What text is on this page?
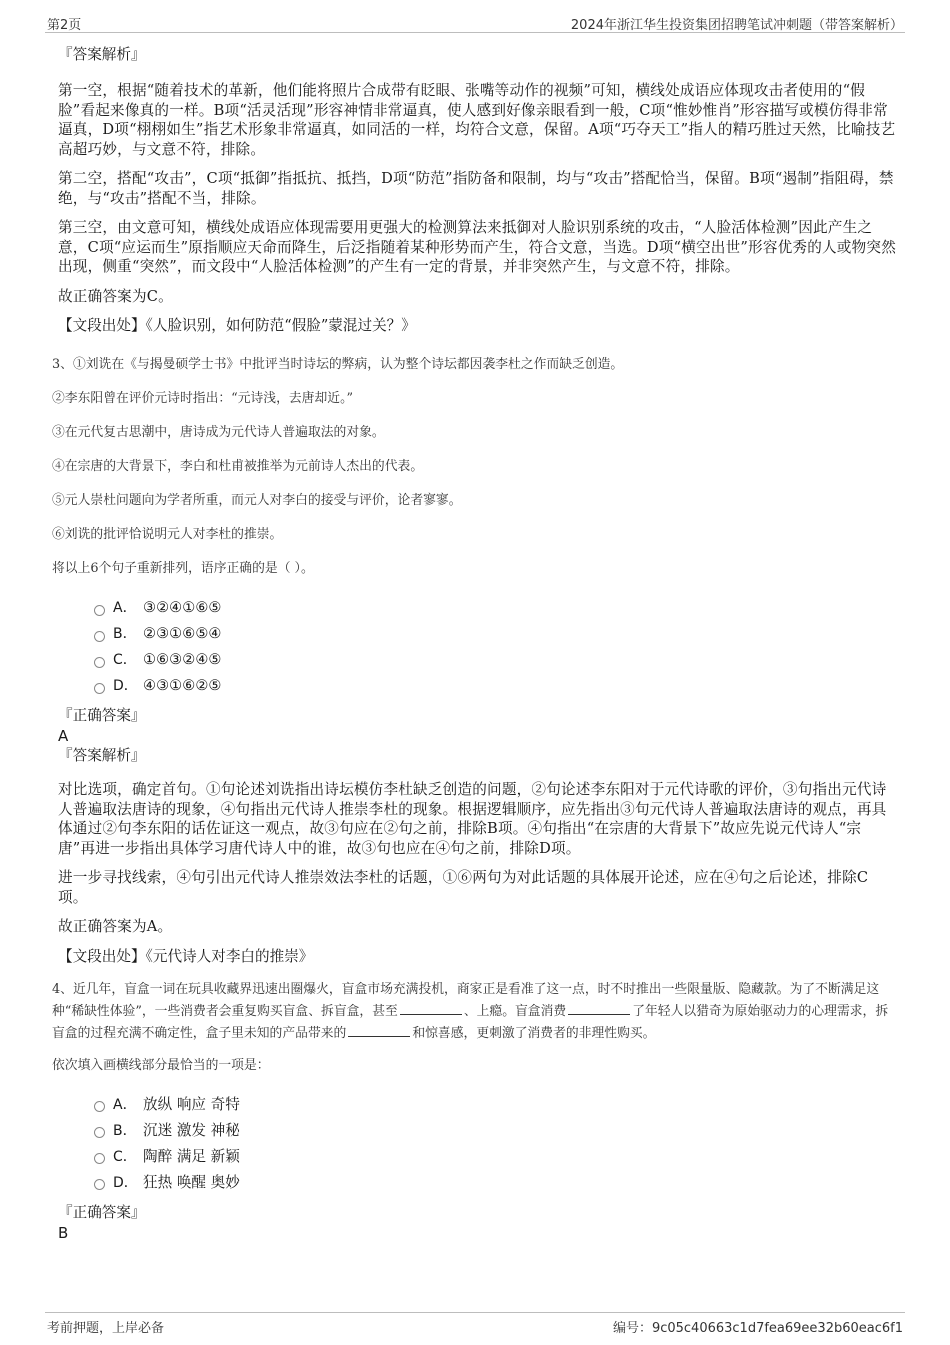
第2页	2024年浙江华生投资集团招聘笔试冲刺题（带答案解析）
『答案解析』

第一空，根据“随着技术的革新，他们能将照片合成带有眨眼、张嘴等动作的视频”可知，横线处成语应体现攻击者使用的“假脸”看起来像真的一样。B项“活灵活现”形容神情非常逼真，使人感到好像亲眼看到一般，C项“惟妙惟肖”形容描写或模仿得非常逼真，D项“栩栩如生”指艺术形象非常逼真，如同活的一样，均符合文意，保留。A项“巧夺天工”指人的精巧胜过天然，比喻技艺高超巧妙，与文意不符，排除。

第二空，搭配“攻击”，C项“抵御”指抵抗、抵挡，D项“防范”指防备和限制，均与“攻击”搭配恰当，保留。B项“遏制”指阻碍，禁绝，与“攻击”搭配不当，排除。

第三空，由文意可知，横线处成语应体现需要用更强大的检测算法来抵御对人脸识别系统的攻击，“人脸活体检测”因此产生之意，C项“应运而生”原指顺应天命而降生，后泛指随着某种形势而产生，符合文意，当选。D项“横空出世”形容优秀的人或物突然出现，侧重“突然”，而文段中“人脸活体检测”的产生有一定的背景，并非突然产生，与文意不符，排除。

故正确答案为C。

【文段出处】《人脸识别，如何防范“假脸”蒙混过关？》

3、①刘诜在《与揭曼硕学士书》中批评当时诗坛的弊病，认为整个诗坛都因袭李杜之作而缺乏创造。

②李东阳曾在评价元诗时指出：“元诗浅，去唐却近。”

③在元代复古思潮中，唐诗成为元代诗人普遍取法的对象。

④在宗唐的大背景下，李白和杜甫被推举为元前诗人杰出的代表。

⑤元人崇杜问题向为学者所重，而元人对李白的接受与评价，论者寥寥。

⑥刘诜的批评恰说明元人对李杜的推崇。

将以上6个句子重新排列，语序正确的是（ ）。

A． ③②④①⑥⑤
B． ②③①⑥⑤④
C． ①⑥③②④⑤
D． ④③①⑥②⑤
『正确答案』
A
『答案解析』

对比选项，确定首句。①句论述刘诜指出诗坛模仿李杜缺乏创造的问题，②句论述李东阳对于元代诗歌的评价，③句指出元代诗人普遍取法唐诗的现象，④句指出元代诗人推崇李杜的现象。根据逻辑顺序，应先指出③句元代诗人普遍取法唐诗的观点，再具体通过②句李东阳的话佐证这一观点，故③句应在②句之前，排除B项。④句指出“在宗唐的大背景下”故应先说元代诗人“宗唐”再进一步指出具体学习唐代诗人中的谁，故③句也应在④句之前，排除D项。

进一步寻找线索，④句引出元代诗人推崇效法李杜的话题，①⑥两句为对此话题的具体展开论述，应在④句之后论述，排除C项。

故正确答案为A。

【文段出处】《元代诗人对李白的推崇》

4、近几年，盲盒一词在玩具收藏界迅速出圈爆火，盲盒市场充满投机，商家正是看准了这一点，时不时推出一些限量版、隐藏款。为了不断满足这种“稀缺性体验”，一些消费者会重复购买盲盒、拆盲盒，甚至	、上瘾。盲盒消费	了年轻人以猎奇为原始驱动力的心理需求，拆盲盒的过程充满不确定性，盒子里未知的产品带来的	和惊喜感，更刺激了消费者的非理性购买。

依次填入画横线部分最恰当的一项是：

A． 放纵 响应 奇特
B． 沉迷 激发 神秘
C． 陶醉 满足 新颖
D． 狂热 唤醒 奥妙
『正确答案』
B
考前押题，上岸必备	编号：9c05c40663c1d7fea69ee32b60eac6f1
